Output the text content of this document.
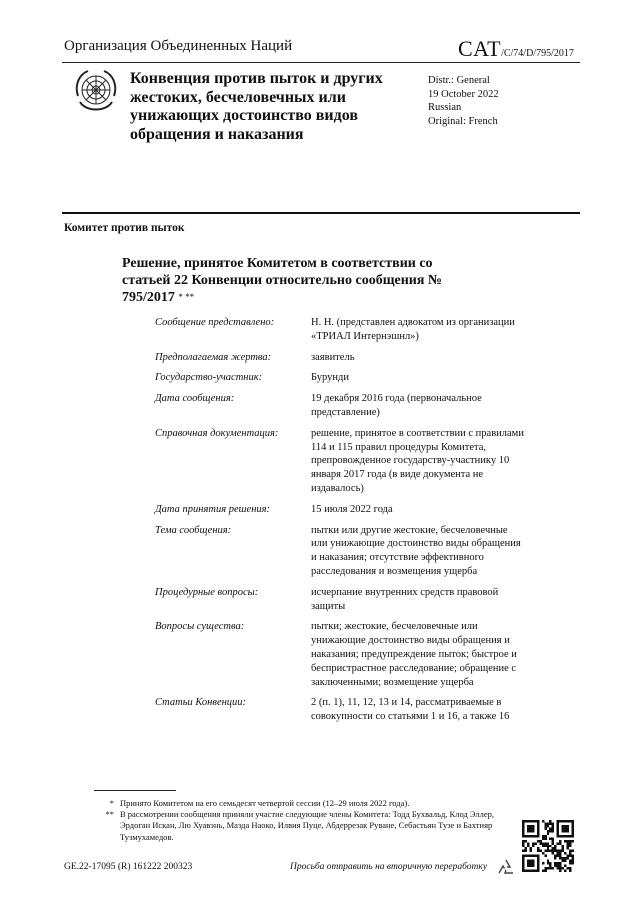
Организация Объединенных Наций	CAT/C/74/D/795/2017
Конвенция против пыток и других жестоких, бесчеловечных или унижающих достоинство видов обращения и наказания
Distr.: General
19 October 2022
Russian
Original: French
Комитет против пыток
Решение, принятое Комитетом в соответствии со статьей 22 Конвенции относительно сообщения № 795/2017 * **
Сообщение представлено:	Н. Н. (представлен адвокатом из организации «ТРИАЛ Интернэшнл»)
Предполагаемая жертва:	заявитель
Государство-участник:	Бурунди
Дата сообщения:	19 декабря 2016 года (первоначальное представление)
Справочная документация:	решение, принятое в соответствии с правилами 114 и 115 правил процедуры Комитета, препровожденное государству-участнику 10 января 2017 года (в виде документа не издавалось)
Дата принятия решения:	15 июля 2022 года
Тема сообщения:	пытки или другие жестокие, бесчеловечные или унижающие достоинство виды обращения и наказания; отсутствие эффективного расследования и возмещения ущерба
Процедурные вопросы:	исчерпание внутренних средств правовой защиты
Вопросы существа:	пытки; жестокие, бесчеловечные или унижающие достоинство виды обращения и наказания; предупреждение пыток; быстрое и беспристрастное расследование; обращение с заключенными; возмещение ущерба
Статьи Конвенции:	2 (п. 1), 11, 12, 13 и 14, рассматриваемые в совокупности со статьями 1 и 16, а также 16
* Принято Комитетом на его семьдесят четвертой сессии (12–29 июля 2022 года).
** В рассмотрении сообщения приняли участие следующие члены Комитета: Тодд Бухвальд, Клод Эллер, Эрдоган Искан, Лю Хуавэнь, Маэда Наоко, Илвия Пуце, Абдеррезак Руване, Себастьян Тузе и Бахтияр Тузмухамедов.
GE.22-17095 (R) 161222 200323	Просьба отправить на вторичную переработку
